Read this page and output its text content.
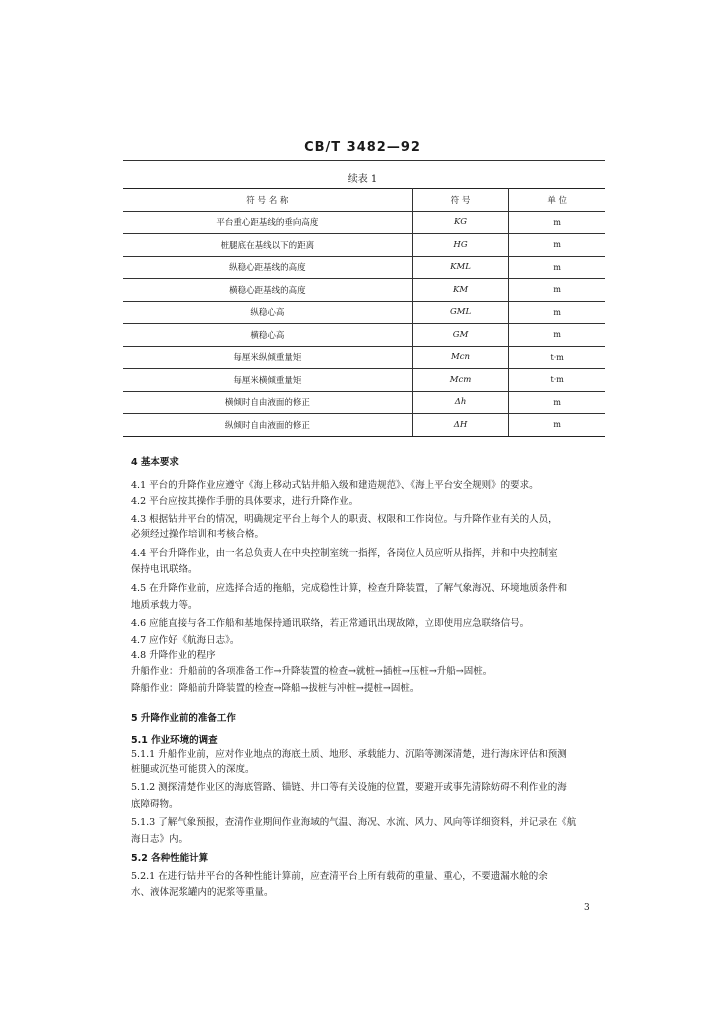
CB/T 3482—92
续表 1
符 号 名 称	符 号	单 位
平台重心距基线的垂向高度	KG	m
桩腿底在基线以下的距离	HG	m
纵稳心距基线的高度	KML	m
横稳心距基线的高度	KM	m
纵稳心高	GML	m
横稳心高	GM	m
每厘米纵倾重量矩	Mcn	t·m
每厘米横倾重量矩	Mcm	t·m
横倾时自由液面的修正	Δh	m
纵倾时自由液面的修正	ΔH	m
4 基本要求
4.1 平台的升降作业应遵守《海上移动式钻井船入级和建造规范》、《海上平台安全规则》的要求。
4.2 平台应按其操作手册的具体要求，进行升降作业。
4.3 根据钻井平台的情况，明确规定平台上每个人的职责、权限和工作岗位。与升降作业有关的人员，
必须经过操作培训和考核合格。
4.4 平台升降作业，由一名总负责人在中央控制室统一指挥，各岗位人员应听从指挥，并和中央控制室
保持电讯联络。
4.5 在升降作业前，应选择合适的拖船，完成稳性计算，检查升降装置，了解气象海况、环境地质条件和
地质承载力等。
4.6 应能直接与各工作船和基地保持通讯联络，若正常通讯出现故障，立即使用应急联络信号。
4.7 应作好《航海日志》。
4.8 升降作业的程序
升船作业：升船前的各项准备工作→升降装置的检查→就桩→插桩→压桩→升船→固桩。
降船作业：降船前升降装置的检查→降船→拔桩与冲桩→提桩→固桩。
5 升降作业前的准备工作
5.1 作业环境的调查
5.1.1 升船作业前，应对作业地点的海底土质、地形、承载能力、沉陷等测深清楚，进行海床评估和预测
桩腿或沉垫可能贯入的深度。
5.1.2 测探清楚作业区的海底管路、锚链、井口等有关设施的位置，要避开或事先清除妨碍不利作业的海
底障碍物。
5.1.3 了解气象预报，查清作业期间作业海域的气温、海况、水流、风力、风向等详细资料，并记录在《航
海日志》内。
5.2 各种性能计算
5.2.1 在进行钻井平台的各种性能计算前，应查清平台上所有载荷的重量、重心，不要遗漏水舱的余
水、液体泥浆罐内的泥浆等重量。
3
